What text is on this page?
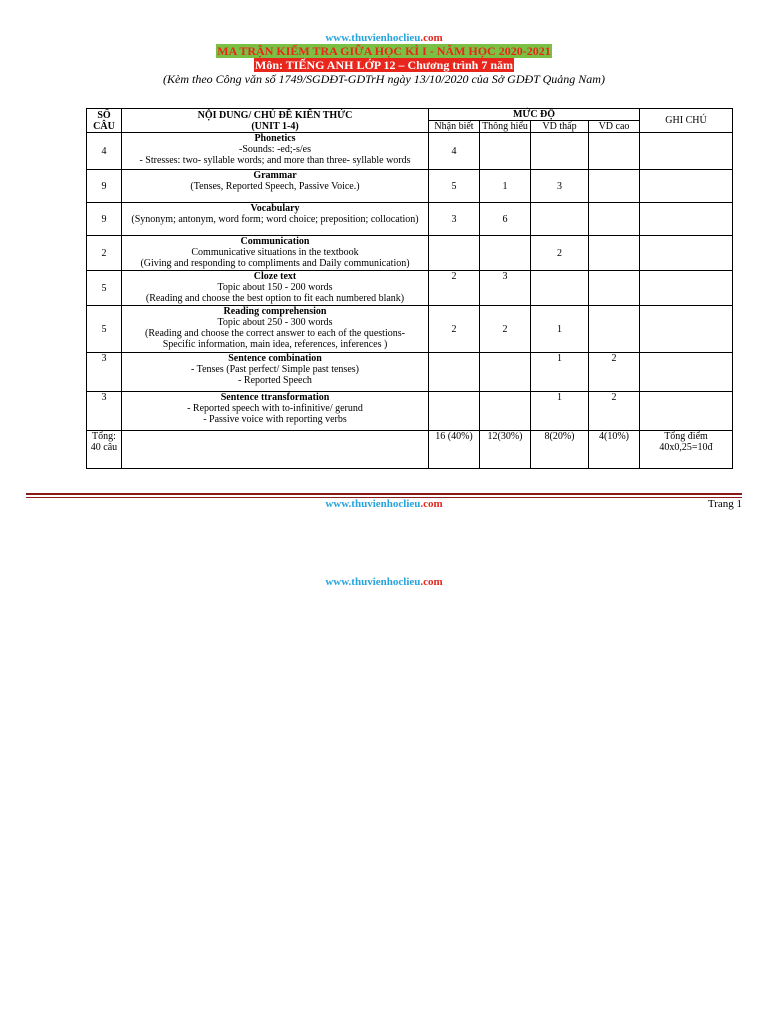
www.thuvienhoclieu.com
MA TRẬN KIỂM TRA GIỮA HỌC KÌ I - NĂM HỌC 2020-2021
Môn: TIẾNG ANH LỚP 12 – Chương trình 7 năm
(Kèm theo Công văn số 1749/SGDĐT-GDTrH ngày 13/10/2020 của Sở GDĐT Quảng Nam)
SỐ CÂU	NỘI DUNG/ CHỦ ĐỀ KIẾN THỨC
(UNIT 1-4)	MỨC ĐỘ				GHI CHÚ
		Nhận biết	Thông hiểu	VD thấp	VD cao	
4	Phonetics
-Sounds: -ed;-s/es
- Stresses: two- syllable words; and more than three- syllable words	4				
9	Grammar
(Tenses, Reported Speech, Passive Voice.)	5	1	3		
9	Vocabulary
(Synonym; antonym, word form; word choice; preposition; collocation)	3	6			
2	Communication
Communicative situations in the textbook
(Giving and responding to compliments and Daily communication)			2		
5	Cloze text
Topic about 150 - 200 words
(Reading and choose the best option to fit each numbered blank)	2	3			
5	Reading comprehension
Topic about 250 - 300 words
(Reading and choose the correct answer to each of the questions-
Specific information, main idea, references, inferences )	2	2	1		
3	Sentence combination
- Tenses (Past perfect/ Simple past tenses)
- Reported Speech			1	2	
3	Sentence ttransformation
- Reported speech with to-infinitive/ gerund
- Passive voice with reporting verbs			1	2	
Tổng: 40 câu		16 (40%)	12(30%)	8(20%)	4(10%)	Tổng điểm
40x0,25=10đ
www.thuvienhoclieu.com	Trang 1
www.thuvienhoclieu.com
